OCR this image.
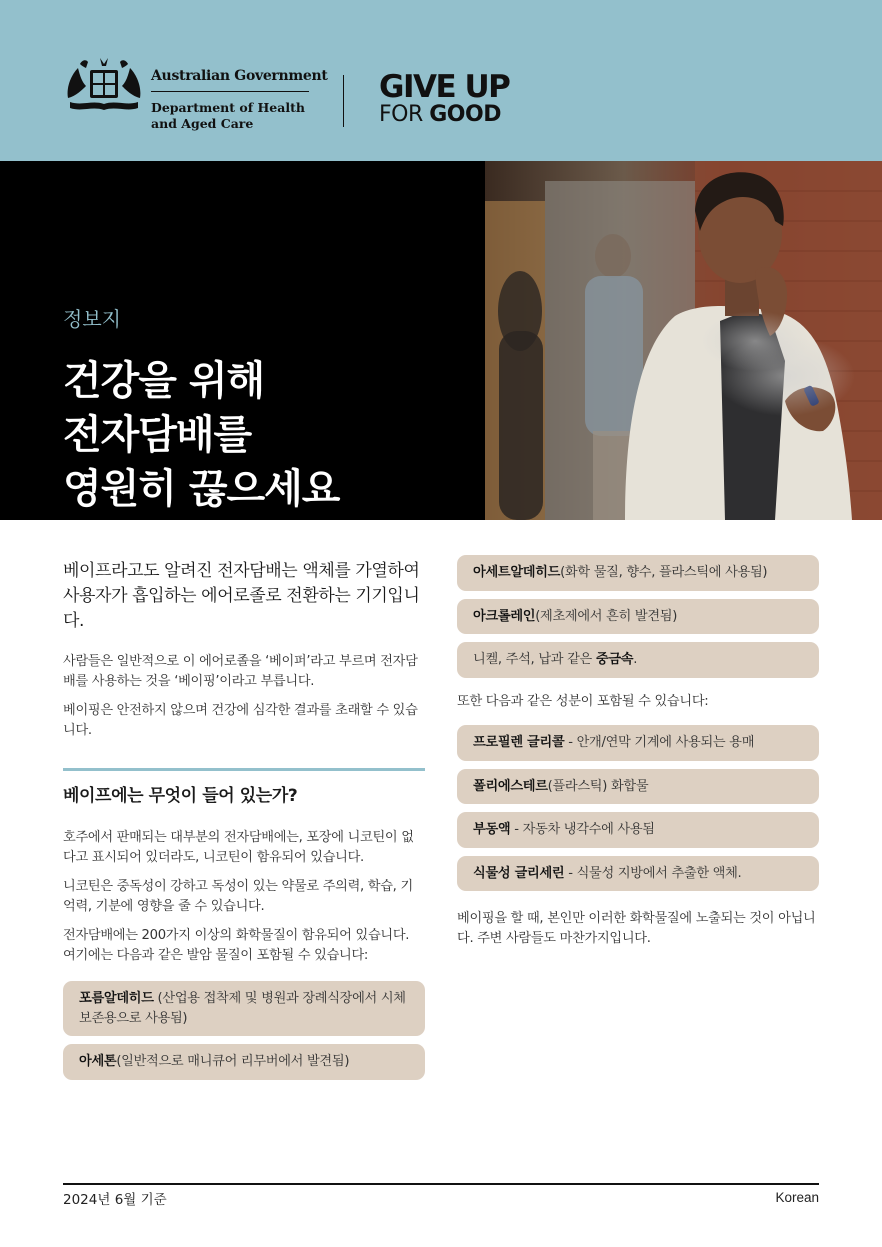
Australian Government
Department of Health
and Aged Care
GIVE UP
FOR GOOD
정보지
건강을 위해
전자담배를
영원히 끊으세요
베이프라고도 알려진 전자담배는 액체를 가열하여 사용자가 흡입하는 에어로졸로 전환하는 기기입니다.

사람들은 일반적으로 이 에어로졸을 ‘베이퍼’라고 부르며 전자담배를 사용하는 것을 ‘베이핑’이라고 부릅니다.

베이핑은 안전하지 않으며 건강에 심각한 결과를 초래할 수 있습니다.

베이프에는 무엇이 들어 있는가?

호주에서 판매되는 대부분의 전자담배에는, 포장에 니코틴이 없다고 표시되어 있더라도, 니코틴이 함유되어 있습니다.

니코틴은 중독성이 강하고 독성이 있는 약물로 주의력, 학습, 기억력, 기분에 영향을 줄 수 있습니다.

전자담배에는 200가지 이상의 화학물질이 함유되어 있습니다. 여기에는 다음과 같은 발암 물질이 포함될 수 있습니다:

포름알데히드 (산업용 접착제 및 병원과 장례식장에서 시체 보존용으로 사용됨)
아세톤(일반적으로 매니큐어 리무버에서 발견됨)
아세트알데히드(화학 물질, 향수, 플라스틱에 사용됨)
아크롤레인(제초제에서 흔히 발견됨)
니켈, 주석, 납과 같은 중금속.

또한 다음과 같은 성분이 포함될 수 있습니다:

프로필렌 글리콜 - 안개/연막 기계에 사용되는 용매
폴리에스테르(플라스틱) 화합물
부동액 - 자동차 냉각수에 사용됨
식물성 글리세린 - 식물성 지방에서 추출한 액체.

베이핑을 할 때, 본인만 이러한 화학물질에 노출되는 것이 아닙니다. 주변 사람들도 마찬가지입니다.

2024년 6월 기준	Korean
